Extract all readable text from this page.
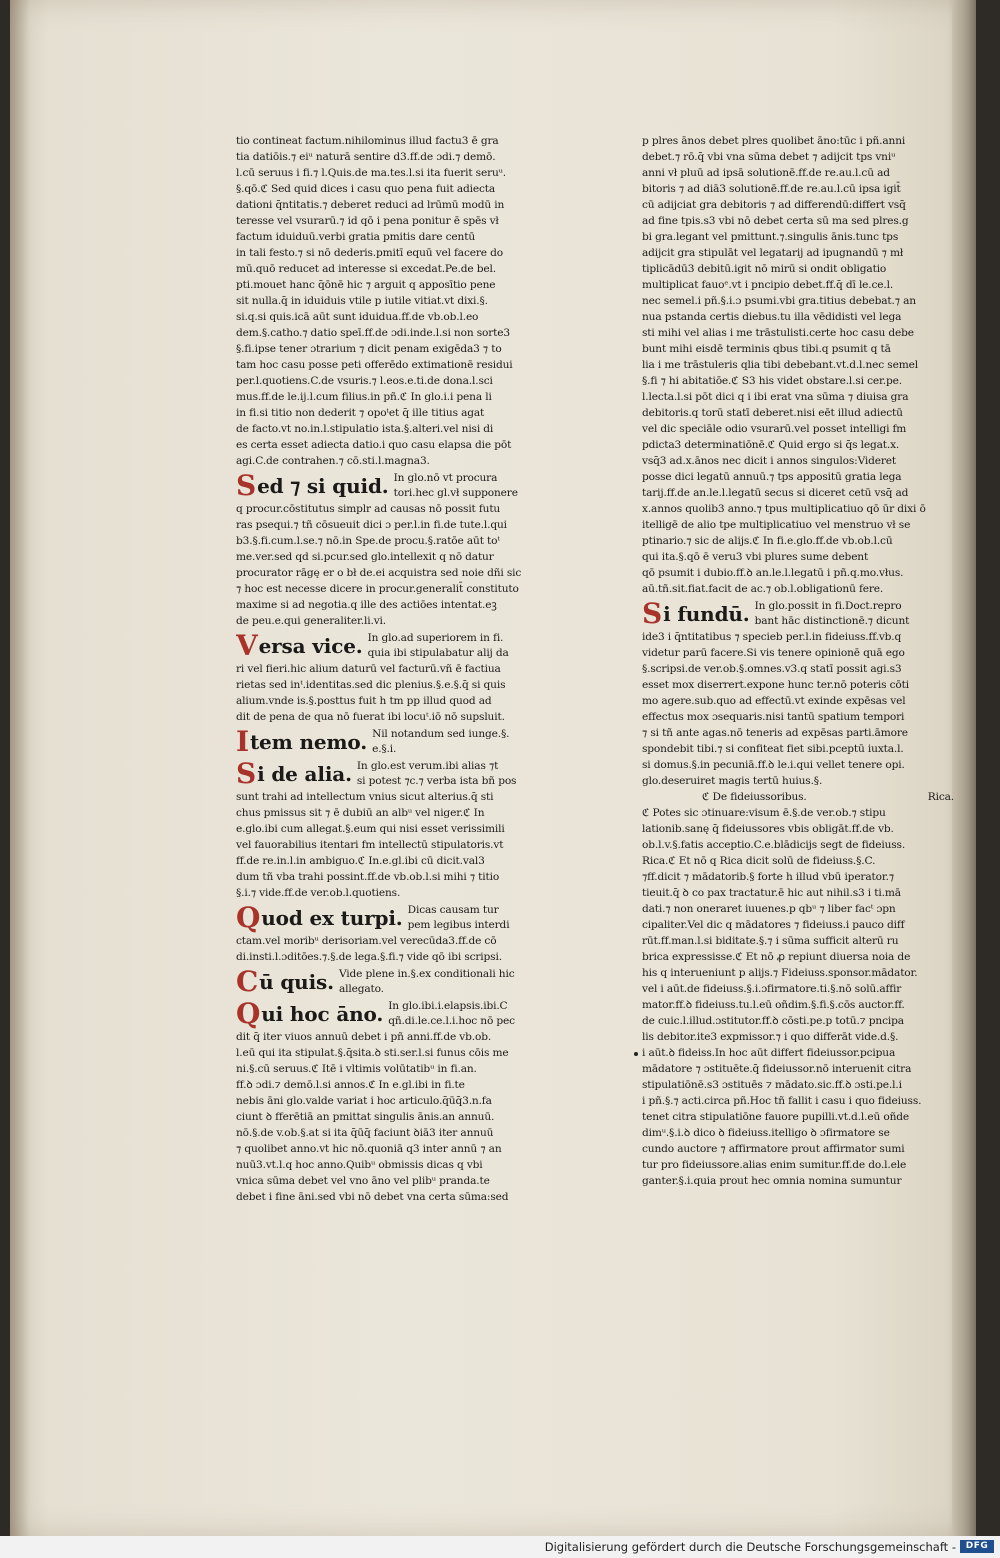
tio contineat factum.nihilominus illud factu3 ē gra
tia datiōis.⁊ eiᵘ naturā sentire d3.ff.de ɔdi.⁊ demō.
l.cū seruus i fi.⁊ l.Quis.de ma.tes.l.si ita fuerit seruᵘ.
§.qō.ℭ Sed quid dices i casu quo pena fuit adiecta
dationi q̄ntitatis.⁊ deberet reduci ad lrūmū modū in
teresse vel vsurarū.⁊ id qō i pena ponitur ē spēs vł
factum iduiduū.verbi gratia pmitis dare centū
in tali festo.⁊ si nō dederis.pmitī equū vel facere do
mū.quō reducet ad interesse si excedat.Pe.de bel.
pti.mouet hanc q̄ōnē hic ⁊ arguit q apposītio pene
sit nulla.q̄ in iduiduis vtile p iutile vitiat.vt dixi.§.
si.q.si quis.icā aūt sunt iduidua.ff.de vb.ob.l.eo
dem.§.catho.⁊ datio speī.ff.de ɔdi.inde.l.si non sorte3
§.fi.ipse tener ɔtrarium ⁊ dicit penam exigēda3 ⁊ to
tam hoc casu posse peti offerēdo extimationē residui
per.l.quotiens.C.de vsuris.⁊ l.eos.e.ti.de dona.l.sci
mus.ff.de le.ij.l.cum filius.in pñ.ℭ In glo.i.i pena li
in fi.si titio non dederit ⁊ opoᵗet q̄ ille titius agat
de facto.vt no.in.l.stipulatio ista.§.alteri.vel nisi di
es certa esset adiecta datio.i quo casu elapsa die pōt
agi.C.de contrahen.⁊ cō.sti.l.magna3.
S ed ⁊ si quid. In glo.nō vt procura
tori.hec gl.vł supponere
q procur.cōstitutus simplr ad causas nō possit futu
ras psequi.⁊ tñ cōsueuit dici ɔ per.l.in fi.de tute.l.qui
b3.§.fi.cum.l.se.⁊ nō.in Spe.de procu.§.ratōe aūt toᵗ
me.ver.sed qd si.pcur.sed glo.intellexit q nō datur
procurator rāgę er o bł de.ei acquistra sed noie dñi sic
⁊ hoc est necesse dicere in procur.generalit̄ constituto
maxime si ad negotia.q ille des actiōes intentat.eꝫ
de peu.e.qui generaliter.li.vi.
V ersa vice. In glo.ad superiorem in fi.
quia ibi stipulabatur alij da
ri vel fieri.hic alium daturū vel facturū.vñ ē factiua
rietas sed inᵗ.identitas.sed dic plenius.§.e.§.q̄ si quis
alium.vnde is.§.posttus fuit h tm pp illud quod ad
dit de pena de qua nō fuerat ibi locuᵗ.iō nō supsluit.
I tem nemo. Nil notandum sed iunge.§.
e.§.i.
S i de alia. In glo.est verum.ibi alias ⁊t
si potest ⁊c.⁊ verba ista bñ pos
sunt trahi ad intellectum vnius sicut alterius.q̄ sti
chus pmissus sit ⁊ ē dubiū an albᵘ vel niger.ℭ In
e.glo.ibi cum allegat.§.eum qui nisi esset verissimili
vel fauorabilius itentari fm intellectū stipulatoris.vt
ff.de re.in.l.in ambiguo.ℭ In.e.gl.ibi cū dicit.val3
dum tñ vba trahi possint.ff.de vb.ob.l.si mihi ⁊ titio
§.i.⁊ vide.ff.de ver.ob.l.quotiens.
Q uod ex turpi. Dicas causam tur
pem legibus interdi
ctam.vel moribᵘ derisoriam.vel verecūda3.ff.de cō
di.insti.l.ɔditōes.⁊.§.de lega.§.fi.⁊ vide qō ibi scripsi.
C ū quis. Vide plene in.§.ex conditionali hic
allegato.
Q ui hoc āno. In glo.ibi.i.elapsis.ibi.C
qñ.di.le.ce.l.i.hoc nō pec
dit q̄ iter viuos annuū debet i pñ anni.ff.de vb.ob.
l.eū qui ita stipulat.§.q̄sita.ꝺ sti.ser.l.si funus cōis me
ni.§.cū seruus.ℭ Itē i vltimis volūtatibᵘ in fi.an.
ff.ꝺ ɔdi.⁊ demō.l.si annos.ℭ In e.gl.ibi in fi.te
nebis āni glo.valde variat i hoc articulo.q̄ūq̄3.n.fa
ciunt ꝺ fferētiā an pmittat singulis ānis.an annuū.
nō.§.de v.ob.§.at si ita q̄ūq̄ faciunt ꝺiā3 iter annuū
⁊ quolibet anno.vt hic nō.quoniā q3 inter annū ⁊ an
nuū3.vt.l.q hoc anno.Quibᵘ obmissis dicas q vbi
vnica sūma debet vel vno āno vel plibᵘ pranda.te
debet i fine āni.sed vbi nō debet vna certa sūma:sed
p plres ānos debet plres quolibet āno:tūc i pñ.anni
debet.⁊ rō.q̄ vbi vna sūma debet ⁊ adijcit tps vniᵘ
anni vł pluū ad ipsā solutionē.ff.de re.au.l.cū ad
bitoris ⁊ ad diā3 solutionē.ff.de re.au.l.cū ipsa igit̄
cū adijciat gra debitoris ⁊ ad differendū:differt vsq̄
ad fine tpis.s3 vbi nō debet certa sū ma sed plres.g
bi gra.legant vel pmittunt.⁊.singulis ānis.tunc tps
adijcit gra stipulāt vel legatarij ad ipugnandū ⁊ mł
tiplicādū3 debitū.igit nō mirū si ondit obligatio
multiplicat fauoᵉ.vt i pncipio debet.ff.q̄ dī le.ce.l.
nec semel.i pñ.§.i.ɔ psumi.vbi gra.titius debebat.⁊ an
nua pstanda certis diebus.tu illa vēdidisti vel lega
sti mihi vel alias i me trāstulisti.certe hoc casu debe
bunt mihi eisdē terminis qbus tibi.q psumit q tā
lia i me trāstuleris qlia tibi debebant.vt.d.l.nec semel
§.fi ⁊ hi abitatiōe.ℭ S3 his videt obstare.l.si cer.pe.
l.lecta.l.si pōt dici q i ibi erat vna sūma ⁊ diuisa gra
debitoris.q torū statī deberet.nisi eēt illud adiectū
vel dic speciāle odio vsurarū.vel posset intelligi fm
pdicta3 determinatiōnē.ℭ Quid ergo si q̄s legat.x.
vsq̄3 ad.x.ānos nec dicit i annos singulos:Videret
posse dici legatū annuū.⁊ tps appositū gratia lega
tarij.ff.de an.le.l.legatū secus si diceret cetū vsq̄ ad
x.annos quolib3 anno.⁊ tpus multiplicatiuo qō ūr dixi ō
itelligē de alio tpe multiplicatiuo vel menstruo vł se
ptinario.⁊ sic de alijs.ℭ In fi.e.glo.ff.de vb.ob.l.cū
qui ita.§.qō ē veru3 vbi plures sume debent
qō psumit i dubio.ff.ꝺ an.le.l.legatū i pñ.q.mo.vłus.
aū.tñ.sit.fiat.facit de ac.⁊ ob.l.obligationū fere.
S i fundū. In glo.possit in fi.Doct.repro
bant hāc distinctionē.⁊ dicunt
ide3 i q̄ntitatibus ⁊ specieb per.l.in fideiuss.ff.vb.q
videtur parū facere.Si vis tenere opinionē quā ego
§.scripsi.de ver.ob.§.omnes.v3.q statī possit agi.s3
esset mox diserrert.expone hunc ter.nō poteris cōti
mo agere.sub.quo ad effectū.vt exinde expēsas vel
effectus mox ɔsequaris.nisi tantū spatium tempori
⁊ si tñ ante agas.nō teneris ad expēsas parti.āmore
spondebit tibi.⁊ si confiteat fiet sibi.pceptū iuxta.l.
si domus.§.in pecuniā.ff.ꝺ le.i.qui vellet tenere opi.
glo.deseruiret magis tertū huius.§.
ℭ De fideiussoribus.	Rica.
ℭ Potes sic ɔtinuare:visum ē.§.de ver.ob.⁊ stipu
lationib.sanę q̄ fideiussores vbis obligāt.ff.de vb.
ob.l.v.§.fatis acceptio.C.e.blādicijs segt de fideiuss.
Rica.ℭ Et nō q Rica dicit solū de fideiuss.§.C.
⁊ff.dicit ⁊ mādatorib.§ forte h illud vbū iperator.⁊
tieuit.q̄ ꝺ co pax tractatur.ē hic aut nihil.s3 i ti.mā
dati.⁊ non oneraret iuuenes.p qbᵘ ⁊ liber facᵗ ɔpn
cipaliter.Vel dic q mādatores ⁊ fideiuss.i pauco diff
rūt.ff.man.l.si biditate.§.⁊ i sūma sufficit alterū ru
brica expressisse.ℭ Et nō ꝓ repiunt diuersa noia de
his q interueniunt p alijs.⁊ Fideiuss.sponsor.mādator.
vel i aūt.de fideiuss.§.i.ɔfirmatore.ti.§.nō solū.affir
mator.ff.ꝺ fideiuss.tu.l.eū oñdim.§.fi.§.cōs auctor.ff.
de cuic.l.illud.ɔstitutor.ff.ꝺ cōsti.pe.p totū.⁊ pncipa
lis debitor.ite3 expmissor.⁊ i quo differāt vide.d.§.
i aūt.ꝺ fideiss.In hoc aūt differt fideiussor.pcipua
mādatore ⁊ ɔstituēte.q̄ fideiussor.nō interuenit citra
stipulatiōnē.s3 ɔstituēs ⁊ mādato.sic.ff.ꝺ ɔsti.pe.l.i
i pñ.§.⁊ acti.circa pñ.Hoc tñ fallit i casu i quo fideiuss.
tenet citra stipulatiōne fauore pupilli.vt.d.l.eū oñde
dimᵘ.§.i.ꝺ dico ꝺ fideiuss.itelligo ꝺ ɔfirmatore se
cundo auctore ⁊ affirmatore prout affirmator sumi
tur pro fideiussore.alias enim sumitur.ff.de do.l.ele
ganter.§.i.quia prout hec omnia nomina sumuntur
Digitalisierung gefördert durch die Deutsche Forschungsgemeinschaft -	DFG
